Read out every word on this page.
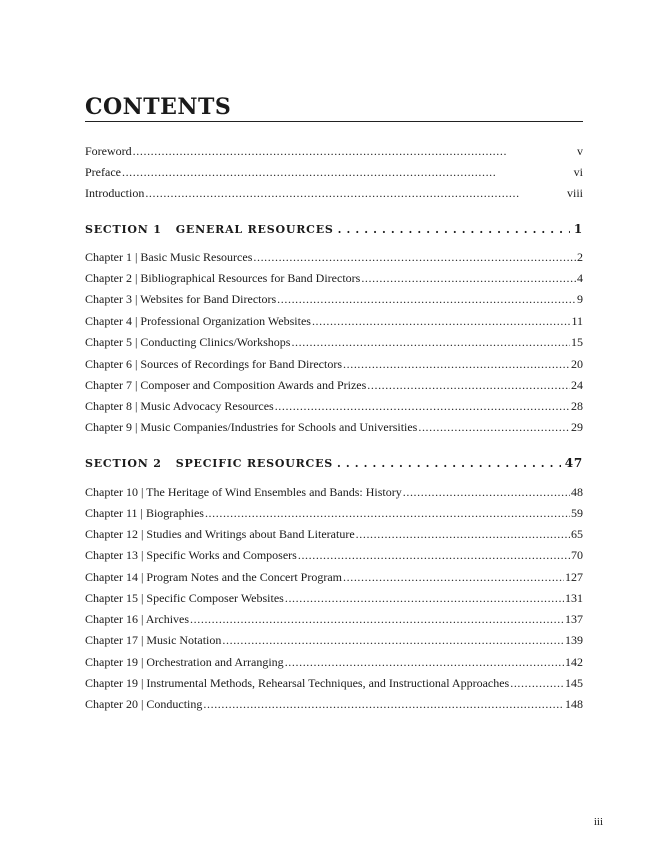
CONTENTS
Foreword . . .	v
Preface . . .	vi
Introduction . . .	viii
SECTION 1 GENERAL RESOURCES . . .	1
Chapter 1 | Basic Music Resources . . .	2
Chapter 2 | Bibliographical Resources for Band Directors . . .	4
Chapter 3 | Websites for Band Directors . . .	9
Chapter 4 | Professional Organization Websites . . .	11
Chapter 5 | Conducting Clinics/Workshops . . .	15
Chapter 6 | Sources of Recordings for Band Directors . . .	20
Chapter 7 | Composer and Composition Awards and Prizes . . .	24
Chapter 8 | Music Advocacy Resources . . .	28
Chapter 9 | Music Companies/Industries for Schools and Universities . . .	29
SECTION 2 SPECIFIC RESOURCES . . .	47
Chapter 10 | The Heritage of Wind Ensembles and Bands: History . . .	48
Chapter 11 | Biographies . . .	59
Chapter 12 | Studies and Writings about Band Literature . . .	65
Chapter 13 | Specific Works and Composers . . .	70
Chapter 14 | Program Notes and the Concert Program . . .	127
Chapter 15 | Specific Composer Websites . . .	131
Chapter 16 | Archives . . .	137
Chapter 17 | Music Notation . . .	139
Chapter 19 | Orchestration and Arranging . . .	142
Chapter 19 | Instrumental Methods, Rehearsal Techniques, and Instructional Approaches . . .	145
Chapter 20 | Conducting . . .	148
iii
